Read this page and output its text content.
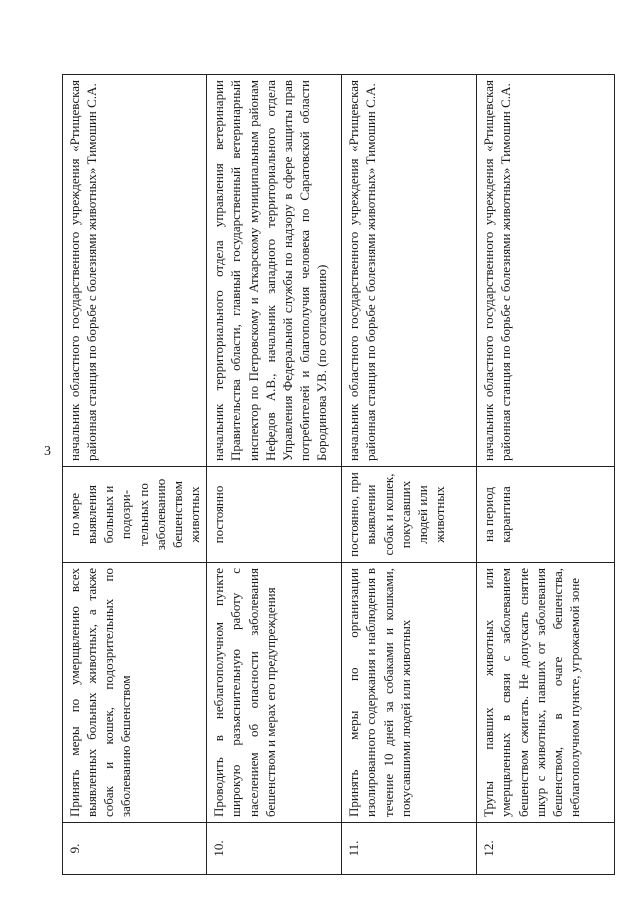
3
9.	Принять меры по умерщвлению всех выявленных больных животных, а также собак и кошек, подозрительных по заболеванию бешенством	по мере выявления больных и подозри-тельных по заболеванию бешенством животных	начальник областного государственного учреждения «Ртищевская районная станция по борьбе с болезнями животных» Тимошин С.А.
10.	Проводить в неблагополучном пункте широкую разъяснительную работу с населением об опасности заболевания бешенством и мерах его предупреждения	постоянно	начальник территориального отдела управления ветеринарии Правительства области, главный государственный ветеринарный инспектор по Петровскому и Аткарскому муниципальным районам Нефедов А.В., начальник западного территориального отдела Управления Федеральной службы по надзору в сфере защиты прав потребителей и благополучия человека по Саратовской области Бородинова У.В. (по согласованию)
11.	Принять меры по организации изолированного содержания и наблюдения в течение 10 дней за собаками и кошками, покусавшими людей или животных	постоянно, при выявлении собак и кошек, покусавших людей или животных	начальник областного государственного учреждения «Ртищевская районная станция по борьбе с болезнями животных» Тимошин С.А.
12.	Трупы павших животных или умерщвленных в связи с заболеванием бешенством сжигать. Не допускать снятие шкур с животных, павших от заболевания бешенством, в очаге бешенства, неблагополучном пункте, угрожаемой зоне	на период карантина	начальник областного государственного учреждения «Ртищевская районная станция по борьбе с болезнями животных» Тимошин С.А.
